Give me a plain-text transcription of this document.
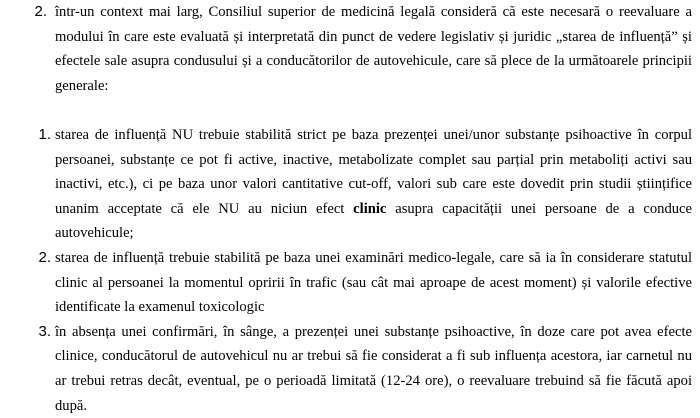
2. într-un context mai larg, Consiliul superior de medicină legală consideră că este necesară o reevaluare a modului în care este evaluată și interpretată din punct de vedere legislativ și juridic „starea de influență” și efectele sale asupra condusului și a conducătorilor de autovehicule, care să plece de la următoarele principii generale:
1. starea de influență NU trebuie stabilită strict pe baza prezenței unei/unor substanțe psihoactive în corpul persoanei, substanțe ce pot fi active, inactive, metabolizate complet sau parțial prin metaboliți activi sau inactivi, etc.), ci pe baza unor valori cantitative cut-off, valori sub care este dovedit prin studii științifice unanim acceptate că ele NU au niciun efect clinic asupra capacității unei persoane de a conduce autovehicule;
2. starea de influență trebuie stabilită pe baza unei examinări medico-legale, care să ia în considerare statutul clinic al persoanei la momentul opririi în trafic (sau cât mai aproape de acest moment) și valorile efective identificate la examenul toxicologic
3. în absența unei confirmări, în sânge, a prezenței unei substanțe psihoactive, în doze care pot avea efecte clinice, conducătorul de autovehicul nu ar trebui să fie considerat a fi sub influența acestora, iar carnetul nu ar trebui retras decât, eventual, pe o perioadă limitată (12-24 ore), o reevaluare trebuind să fie făcută apoi după.
